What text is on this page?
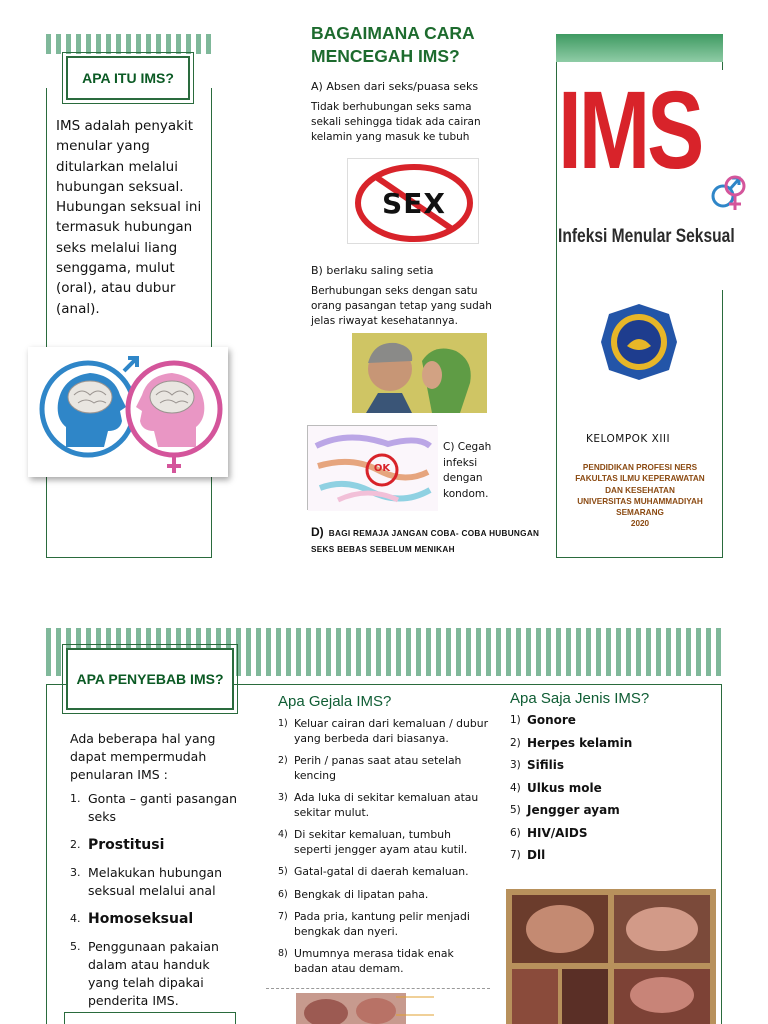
APA ITU IMS?
IMS adalah penyakit menular yang ditularkan melalui hubungan seksual. Hubungan seksual ini termasuk hubungan seks melalui liang senggama, mulut (oral), atau dubur (anal).
BAGAIMANA CARA
MENCEGAH IMS?
A) Absen dari seks/puasa seks
Tidak berhubungan seks sama sekali sehingga tidak ada cairan kelamin yang masuk ke tubuh
SEX
B) berlaku saling setia
Berhubungan seks dengan satu orang pasangan tetap yang sudah jelas riwayat kesehatannya.
OK
C) Cegah infeksi dengan kondom.
D) BAGI REMAJA JANGAN COBA- COBA HUBUNGAN SEKS BEBAS SEBELUM MENIKAH
IMS
Infeksi Menular Seksual
KELOMPOK XIII
PENDIDIKAN PROFESI NERS
FAKULTAS ILMU KEPERAWATAN
DAN KESEHATAN
UNIVERSITAS MUHAMMADIYAH
SEMARANG
2020
APA PENYEBAB IMS?
Ada beberapa hal yang dapat mempermudah penularan IMS :
1. Gonta – ganti pasangan seks
2. Prostitusi
3. Melakukan hubungan seksual melalui anal
4. Homoseksual
5. Penggunaan pakaian dalam atau handuk yang telah dipakai penderita IMS.
Apa Gejala IMS?
1) Keluar cairan dari kemaluan / dubur yang berbeda dari biasanya.
2) Perih / panas saat atau setelah kencing
3) Ada luka di sekitar kemaluan atau sekitar mulut.
4) Di sekitar kemaluan, tumbuh seperti jengger ayam atau kutil.
5) Gatal-gatal di daerah kemaluan.
6) Bengkak di lipatan paha.
7) Pada pria, kantung pelir menjadi bengkak dan nyeri.
8) Umumnya merasa tidak enak badan atau demam.
Apa Saja Jenis IMS?
1) Gonore
2) Herpes kelamin
3) Sifilis
4) Ulkus mole
5) Jengger ayam
6) HIV/AIDS
7) Dll
